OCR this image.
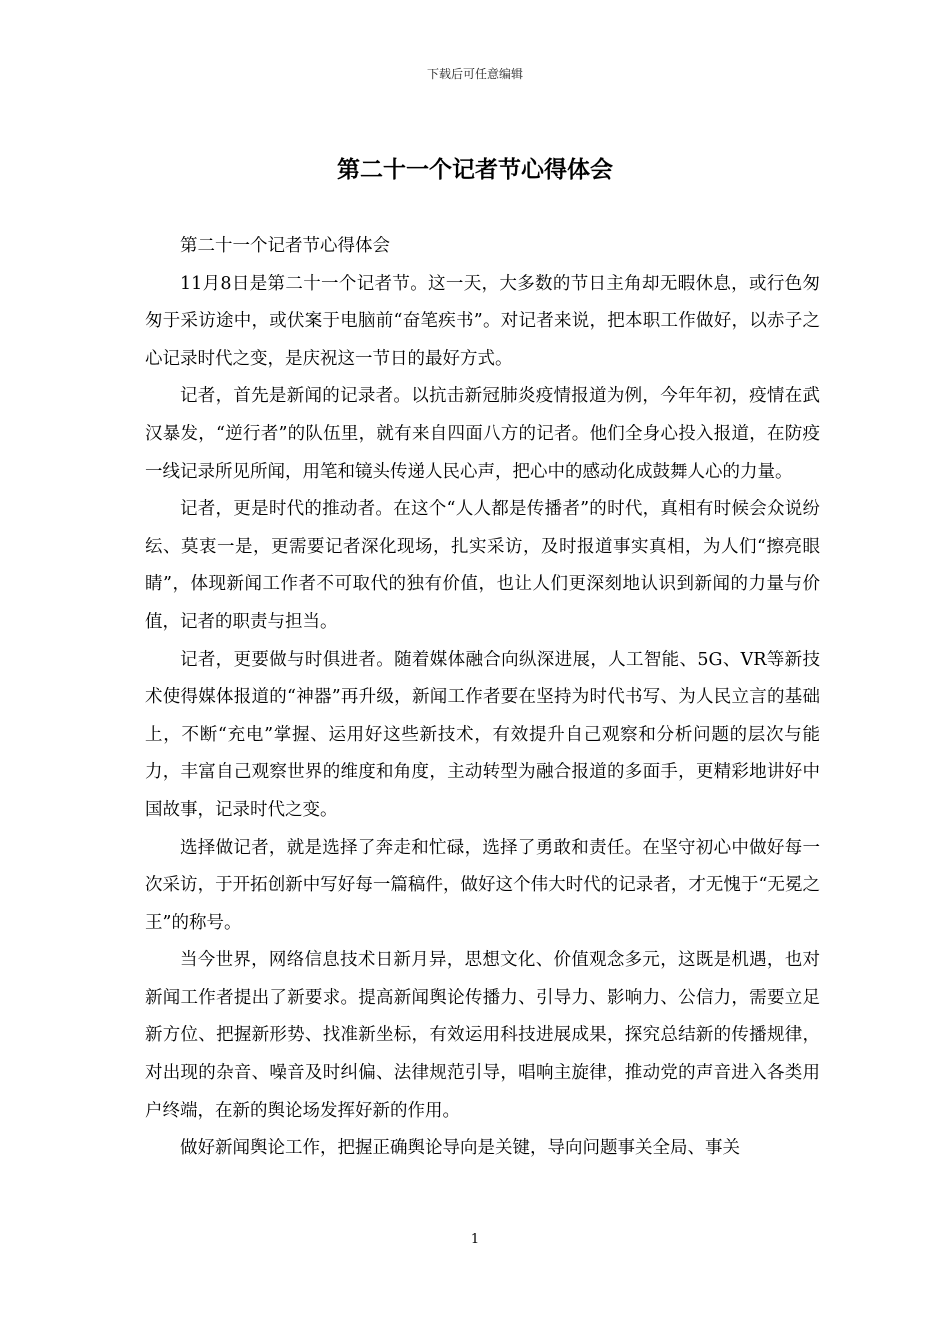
下载后可任意编辑
第二十一个记者节心得体会

第二十一个记者节心得体会

11月8日是第二十一个记者节。这一天，大多数的节日主角却无暇休息，或行色匆匆于采访途中，或伏案于电脑前“奋笔疾书”。对记者来说，把本职工作做好，以赤子之心记录时代之变，是庆祝这一节日的最好方式。

记者，首先是新闻的记录者。以抗击新冠肺炎疫情报道为例，今年年初，疫情在武汉暴发，“逆行者”的队伍里，就有来自四面八方的记者。他们全身心投入报道，在防疫一线记录所见所闻，用笔和镜头传递人民心声，把心中的感动化成鼓舞人心的力量。

记者，更是时代的推动者。在这个“人人都是传播者”的时代，真相有时候会众说纷纭、莫衷一是，更需要记者深化现场，扎实采访，及时报道事实真相，为人们“擦亮眼睛”，体现新闻工作者不可取代的独有价值，也让人们更深刻地认识到新闻的力量与价值，记者的职责与担当。

记者，更要做与时俱进者。随着媒体融合向纵深进展，人工智能、5G、VR等新技术使得媒体报道的“神器”再升级，新闻工作者要在坚持为时代书写、为人民立言的基础上，不断“充电”掌握、运用好这些新技术，有效提升自己观察和分析问题的层次与能力，丰富自己观察世界的维度和角度，主动转型为融合报道的多面手，更精彩地讲好中国故事，记录时代之变。

选择做记者，就是选择了奔走和忙碌，选择了勇敢和责任。在坚守初心中做好每一次采访，于开拓创新中写好每一篇稿件，做好这个伟大时代的记录者，才无愧于“无冕之王”的称号。

当今世界，网络信息技术日新月异，思想文化、价值观念多元，这既是机遇，也对新闻工作者提出了新要求。提高新闻舆论传播力、引导力、影响力、公信力，需要立足新方位、把握新形势、找准新坐标，有效运用科技进展成果，探究总结新的传播规律，对出现的杂音、噪音及时纠偏、法律规范引导，唱响主旋律，推动党的声音进入各类用户终端，在新的舆论场发挥好新的作用。

做好新闻舆论工作，把握正确舆论导向是关键，导向问题事关全局、事关

1
